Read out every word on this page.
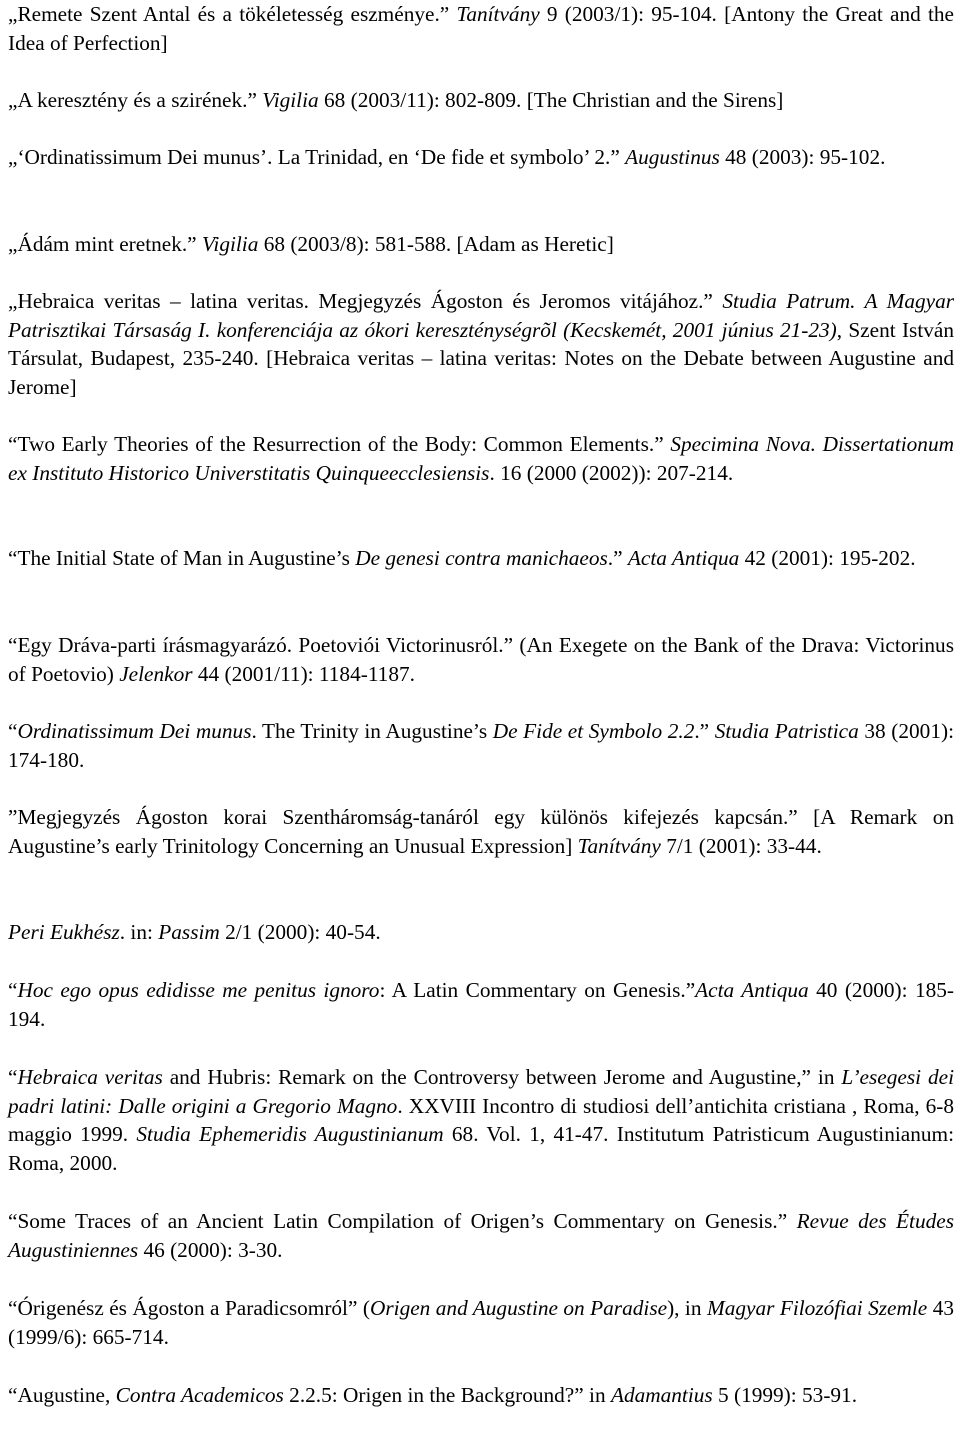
„Remete Szent Antal és a tökéletesség eszménye.” Tanítvány 9 (2003/1): 95-104. [Antony the Great and the Idea of Perfection]

„A keresztény és a szirének.” Vigilia 68 (2003/11): 802-809. [The Christian and the Sirens]

„‘Ordinatissimum Dei munus’. La Trinidad, en ‘De fide et symbolo’ 2.” Augustinus 48 (2003): 95-102.

„Ádám mint eretnek.” Vigilia 68 (2003/8): 581-588. [Adam as Heretic]

„Hebraica veritas – latina veritas. Megjegyzés Ágoston és Jeromos vitájához.” Studia Patrum. A Magyar Patrisztikai Társaság I. konferenciája az ókori kereszténységrõl (Kecskemét, 2001 június 21-23), Szent István Társulat, Budapest, 235-240. [Hebraica veritas – latina veritas: Notes on the Debate between Augustine and Jerome]

“Two Early Theories of the Resurrection of the Body: Common Elements.” Specimina Nova. Dissertationum ex Instituto Historico Universtitatis Quinqueecclesiensis. 16 (2000 (2002)): 207-214.

“The Initial State of Man in Augustine’s De genesi contra manichaeos.” Acta Antiqua 42 (2001): 195-202.

“Egy Dráva-parti írásmagyarázó. Poetovіói Victorinusról.” (An Exegete on the Bank of the Drava: Victorinus of Poetovio) Jelenkor 44 (2001/11): 1184-1187.

“Ordinatissimum Dei munus. The Trinity in Augustine’s De Fide et Symbolo 2.2.” Studia Patristica 38 (2001): 174-180.

”Megjegyzés Ágoston korai Szentháromság-tanáról egy különös kifejezés kapcsán.” [A Remark on Augustine’s early Trinitology Concerning an Unusual Expression] Tanítvány 7/1 (2001): 33-44.

Peri Eukhész. in: Passim 2/1 (2000): 40-54.

“Hoc ego opus edidisse me penitus ignoro: A Latin Commentary on Genesis.”Acta Antiqua 40 (2000): 185-194.

“Hebraica veritas and Hubris: Remark on the Controversy between Jerome and Augustine,” in L’esegesi dei padri latini: Dalle origini a Gregorio Magno. XXVIII Incontro di studiosi dell’antichita cristiana , Roma, 6-8 maggio 1999. Studia Ephemeridis Augustinianum 68. Vol. 1, 41-47. Institutum Patristicum Augustinianum: Roma, 2000.

“Some Traces of an Ancient Latin Compilation of Origen’s Commentary on Genesis.” Revue des Études Augustiniennes 46 (2000): 3-30.

“Órigenész és Ágoston a Paradicsomról” (Origen and Augustine on Paradise), in Magyar Filozófiai Szemle 43 (1999/6): 665-714.

“Augustine, Contra Academicos 2.2.5: Origen in the Background?” in Adamantius 5 (1999): 53-91.
